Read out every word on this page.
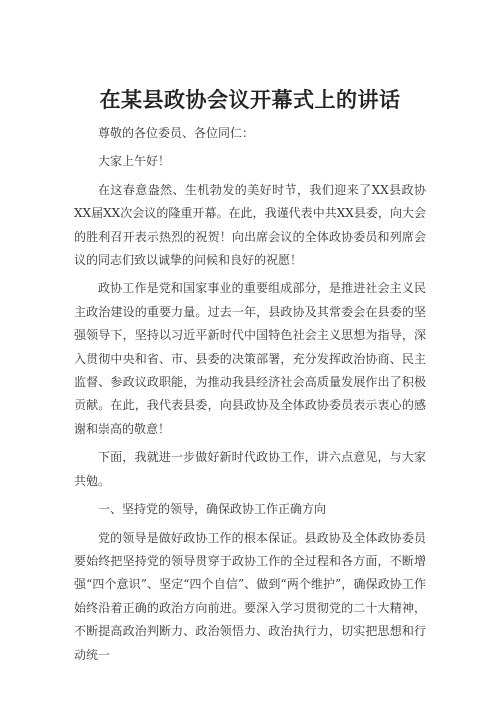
在某县政协会议开幕式上的讲话

尊敬的各位委员、各位同仁：

大家上午好！

在这春意盎然、生机勃发的美好时节，我们迎来了XX县政协XX届XX次会议的隆重开幕。在此，我谨代表中共XX县委，向大会的胜利召开表示热烈的祝贺！向出席会议的全体政协委员和列席会议的同志们致以诚挚的问候和良好的祝愿！

政协工作是党和国家事业的重要组成部分，是推进社会主义民主政治建设的重要力量。过去一年，县政协及其常委会在县委的坚强领导下，坚持以习近平新时代中国特色社会主义思想为指导，深入贯彻中央和省、市、县委的决策部署，充分发挥政治协商、民主监督、参政议政职能，为推动我县经济社会高质量发展作出了积极贡献。在此，我代表县委，向县政协及全体政协委员表示衷心的感谢和崇高的敬意！

下面，我就进一步做好新时代政协工作，讲六点意见，与大家共勉。

一、坚持党的领导，确保政协工作正确方向

党的领导是做好政协工作的根本保证。县政协及全体政协委员要始终把坚持党的领导贯穿于政协工作的全过程和各方面，不断增强“四个意识”、坚定“四个自信”、做到“两个维护”，确保政协工作始终沿着正确的政治方向前进。要深入学习贯彻党的二十大精神，不断提高政治判断力、政治领悟力、政治执行力，切实把思想和行动统一
